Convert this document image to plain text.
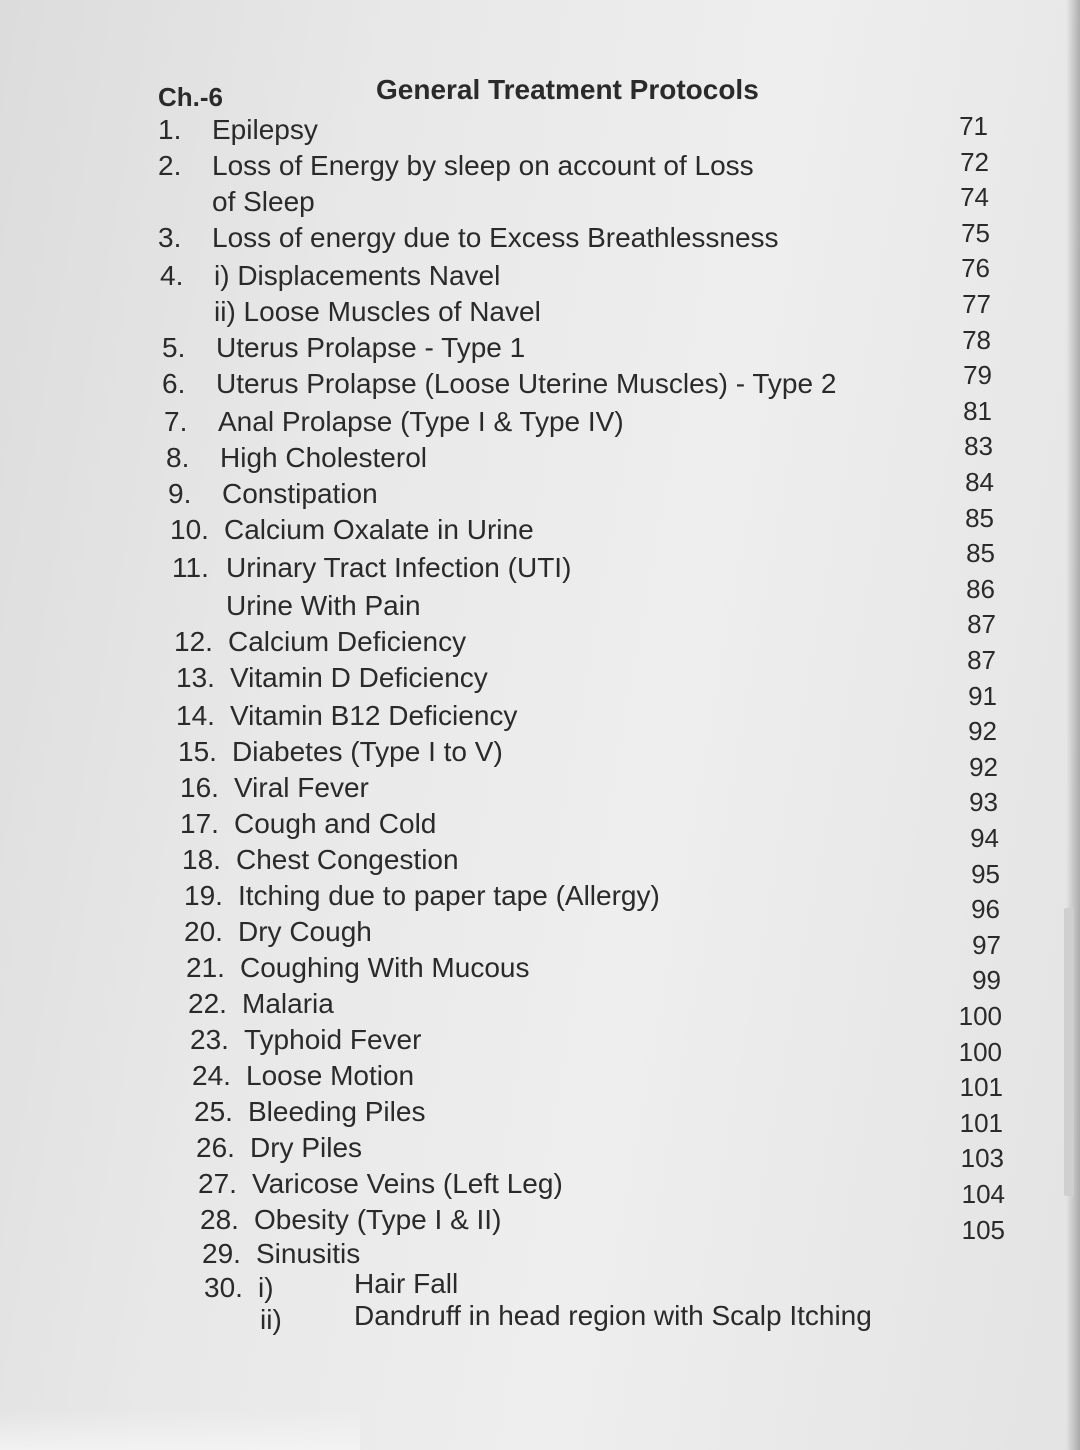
Ch.-6	General Treatment Protocols
1. Epilepsy
2. Loss of Energy by sleep on account of Loss
of Sleep
3. Loss of energy due to Excess Breathlessness
4. i) Displacements Navel
ii) Loose Muscles of Navel
5. Uterus Prolapse - Type 1
6. Uterus Prolapse (Loose Uterine Muscles) - Type 2
7. Anal Prolapse (Type I & Type IV)
8. High Cholesterol
9. Constipation
10. Calcium Oxalate in Urine
11. Urinary Tract Infection (UTI)
Urine With Pain
12. Calcium Deficiency
13. Vitamin D Deficiency
14. Vitamin B12 Deficiency
15. Diabetes (Type I to V)
16. Viral Fever
17. Cough and Cold
18. Chest Congestion
19. Itching due to paper tape (Allergy)
20. Dry Cough
21. Coughing With Mucous
22. Malaria
23. Typhoid Fever
24. Loose Motion
25. Bleeding Piles
26. Dry Piles
27. Varicose Veins (Left Leg)
28. Obesity (Type I & II)
29. Sinusitis
30. i)
ii)
Hair Fall
Dandruff in head region with Scalp Itching
71
72
74
75
76
77
78
79
81
83
84
85
85
86
87
87
91
92
92
93
94
95
96
97
99
100
100
101
101
103
104
105
